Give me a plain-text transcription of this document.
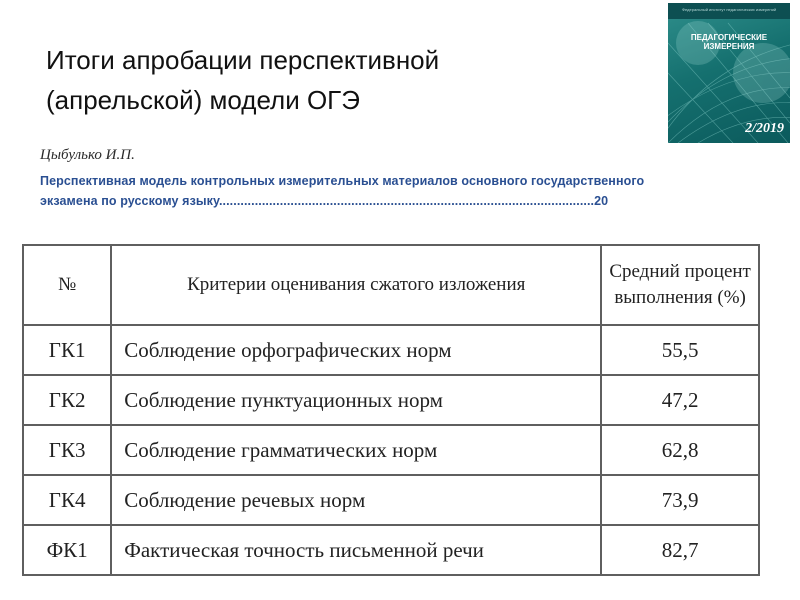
Итоги апробации перспективной
(апрельской) модели ОГЭ
Федеральный институт педагогических измерений
ПЕДАГОГИЧЕСКИЕ
ИЗМЕРЕНИЯ
2/2019
Цыбулько И.П.
Перспективная модель контрольных измерительных материалов основного государственного
экзамена по русскому языку.........................................................................................................20
№	Критерии оценивания сжатого изложения	Средний процент
выполнения (%)

ГК1	Соблюдение орфографических норм	55,5
ГК2	Соблюдение пунктуационных норм	47,2
ГК3	Соблюдение грамматических норм	62,8
ГК4	Соблюдение речевых норм	73,9
ФК1	Фактическая точность письменной речи	82,7
